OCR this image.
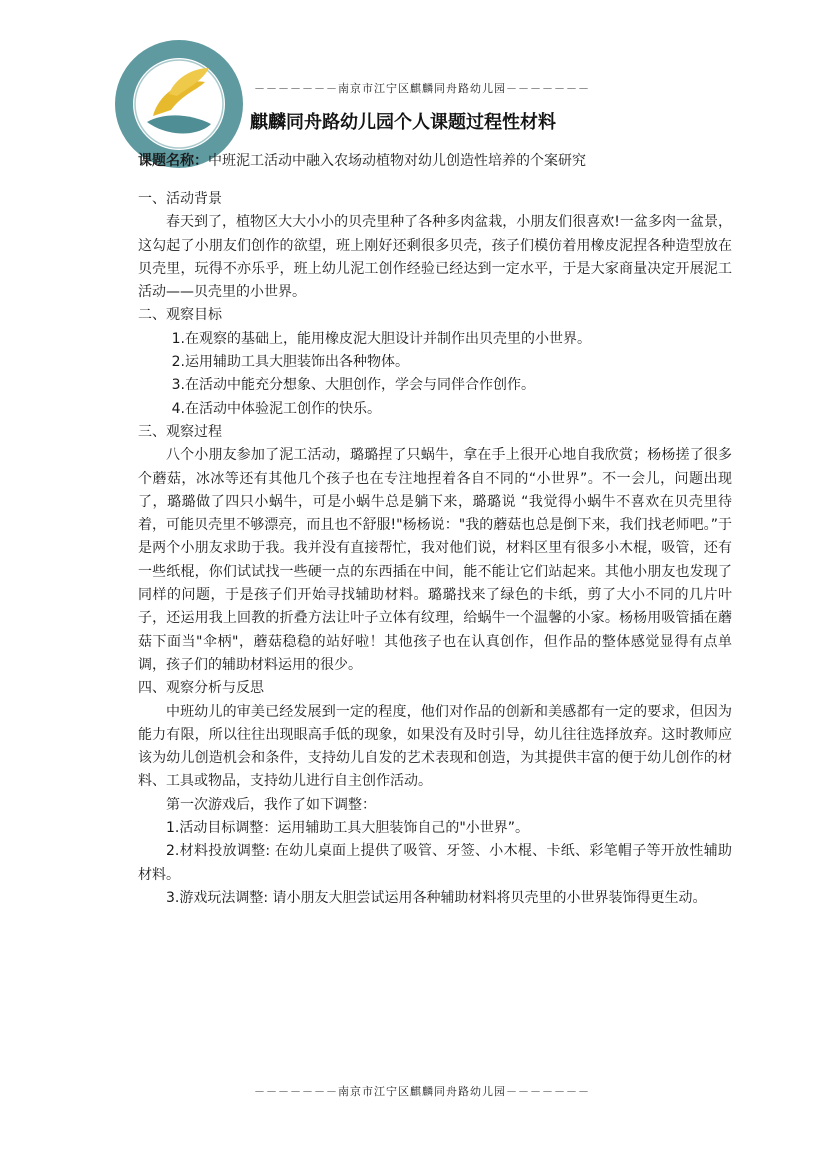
－－－－－－－南京市江宁区麒麟同舟路幼儿园－－－－－－－
麒麟同舟路幼儿园个人课题过程性材料
课题名称：中班泥工活动中融入农场动植物对幼儿创造性培养的个案研究

一、活动背景

春天到了，植物区大大小小的贝壳里种了各种多肉盆栽，小朋友们很喜欢!一盆多肉一盆景，这勾起了小朋友们创作的欲望，班上刚好还剩很多贝壳，孩子们模仿着用橡皮泥捏各种造型放在贝壳里，玩得不亦乐乎，班上幼儿泥工创作经验已经达到一定水平，于是大家商量决定开展泥工活动——贝壳里的小世界。

二、观察目标

1.在观察的基础上，能用橡皮泥大胆设计并制作出贝壳里的小世界。

2.运用辅助工具大胆装饰出各种物体。

3.在活动中能充分想象、大胆创作，学会与同伴合作创作。

4.在活动中体验泥工创作的快乐。

三、观察过程

八个小朋友参加了泥工活动，璐璐捏了只蜗牛，拿在手上很开心地自我欣赏；杨杨搓了很多个蘑菇，冰冰等还有其他几个孩子也在专注地捏着各自不同的“小世界”。不一会儿，问题出现了，璐璐做了四只小蜗牛，可是小蜗牛总是躺下来，璐璐说 “我觉得小蜗牛不喜欢在贝壳里待着，可能贝壳里不够漂亮，而且也不舒服!"杨杨说："我的蘑菇也总是倒下来，我们找老师吧。”于是两个小朋友求助于我。我并没有直接帮忙，我对他们说，材料区里有很多小木棍，吸管，还有一些纸棍，你们试试找一些硬一点的东西插在中间，能不能让它们站起来。其他小朋友也发现了同样的问题，于是孩子们开始寻找辅助材料。璐璐找来了绿色的卡纸，剪了大小不同的几片叶子，还运用我上回教的折叠方法让叶子立体有纹理，给蜗牛一个温馨的小家。杨杨用吸管插在蘑菇下面当"伞柄"，蘑菇稳稳的站好啦！其他孩子也在认真创作，但作品的整体感觉显得有点单调，孩子们的辅助材料运用的很少。

四、观察分析与反思

中班幼儿的审美已经发展到一定的程度，他们对作品的创新和美感都有一定的要求，但因为能力有限，所以往往出现眼高手低的现象，如果没有及时引导，幼儿往往选择放弃。这时教师应该为幼儿创造机会和条件，支持幼儿自发的艺术表现和创造，为其提供丰富的便于幼儿创作的材料、工具或物品，支持幼儿进行自主创作活动。

第一次游戏后，我作了如下调整：

1.活动目标调整：运用辅助工具大胆装饰自己的"小世界”。

2.材料投放调整: 在幼儿桌面上提供了吸管、牙签、小木棍、卡纸、彩笔帽子等开放性辅助材料。

3.游戏玩法调整: 请小朋友大胆尝试运用各种辅助材料将贝壳里的小世界装饰得更生动。

－－－－－－－南京市江宁区麒麟同舟路幼儿园－－－－－－－
